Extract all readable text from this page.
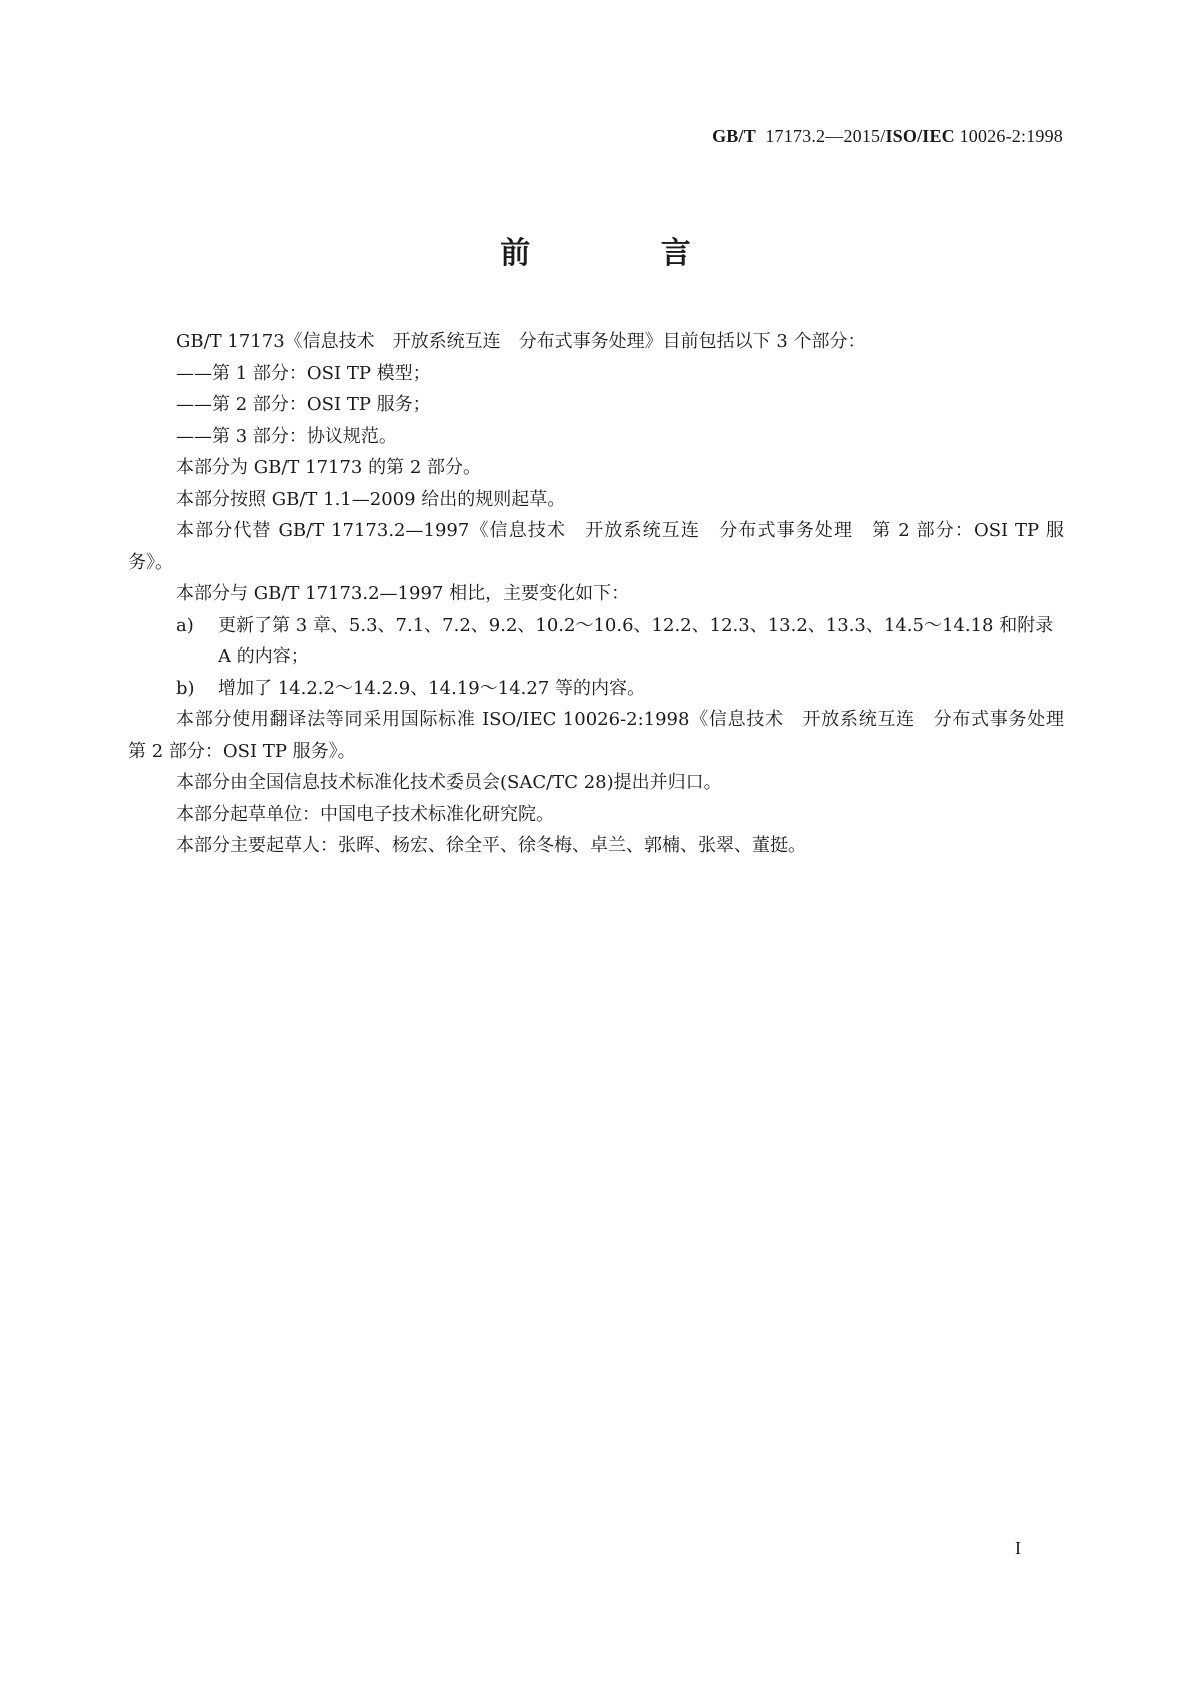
GB/T 17173.2—2015/ISO/IEC 10026-2:1998
前 言

GB/T 17173《信息技术　开放系统互连　分布式事务处理》目前包括以下 3 个部分：

——第 1 部分：OSI TP 模型；

——第 2 部分：OSI TP 服务；

——第 3 部分：协议规范。

本部分为 GB/T 17173 的第 2 部分。

本部分按照 GB/T 1.1—2009 给出的规则起草。

本部分代替 GB/T 17173.2—1997《信息技术　开放系统互连　分布式事务处理　第 2 部分：OSI TP 服务》。

本部分与 GB/T 17173.2—1997 相比，主要变化如下：

a)	更新了第 3 章、5.3、7.1、7.2、9.2、10.2～10.6、12.2、12.3、13.2、13.3、14.5～14.18 和附录 A 的内容；
b)	增加了 14.2.2～14.2.9、14.19～14.27 等的内容。

本部分使用翻译法等同采用国际标准 ISO/IEC 10026-2:1998《信息技术　开放系统互连　分布式事务处理　第 2 部分：OSI TP 服务》。

本部分由全国信息技术标准化技术委员会(SAC/TC 28)提出并归口。

本部分起草单位：中国电子技术标准化研究院。

本部分主要起草人：张晖、杨宏、徐全平、徐冬梅、卓兰、郭楠、张翠、董挺。

I
